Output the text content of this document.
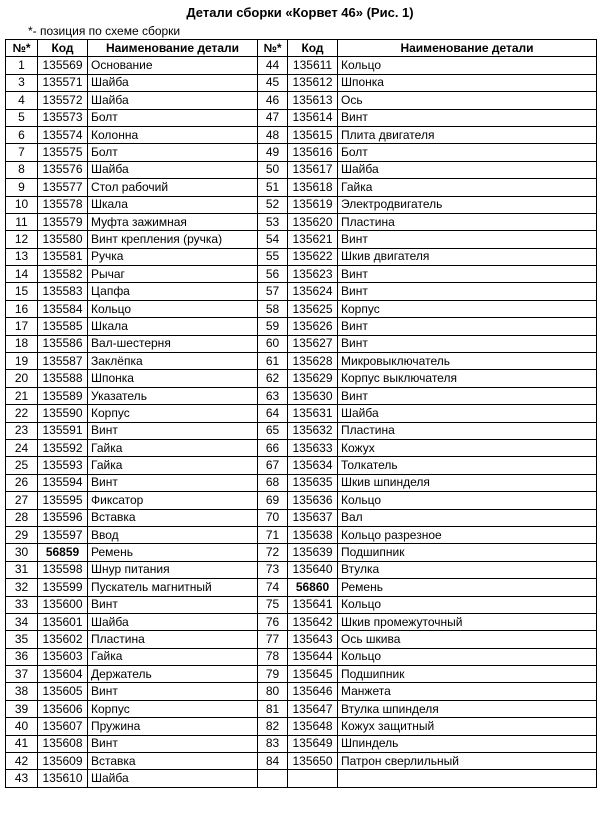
Детали сборки «Корвет 46» (Рис. 1)
*- позиция по схеме сборки
№*	Код	Наименование детали	№*	Код	Наименование детали
1	135569	Основание	44	135611	Кольцо
3	135571	Шайба	45	135612	Шпонка
4	135572	Шайба	46	135613	Ось
5	135573	Болт	47	135614	Винт
6	135574	Колонна	48	135615	Плита двигателя
7	135575	Болт	49	135616	Болт
8	135576	Шайба	50	135617	Шайба
9	135577	Стол рабочий	51	135618	Гайка
10	135578	Шкала	52	135619	Электродвигатель
11	135579	Муфта зажимная	53	135620	Пластина
12	135580	Винт крепления (ручка)	54	135621	Винт
13	135581	Ручка	55	135622	Шкив двигателя
14	135582	Рычаг	56	135623	Винт
15	135583	Цапфа	57	135624	Винт
16	135584	Кольцо	58	135625	Корпус
17	135585	Шкала	59	135626	Винт
18	135586	Вал-шестерня	60	135627	Винт
19	135587	Заклёпка	61	135628	Микровыключатель
20	135588	Шпонка	62	135629	Корпус выключателя
21	135589	Указатель	63	135630	Винт
22	135590	Корпус	64	135631	Шайба
23	135591	Винт	65	135632	Пластина
24	135592	Гайка	66	135633	Кожух
25	135593	Гайка	67	135634	Толкатель
26	135594	Винт	68	135635	Шкив шпинделя
27	135595	Фиксатор	69	135636	Кольцо
28	135596	Вставка	70	135637	Вал
29	135597	Ввод	71	135638	Кольцо разрезное
30	56859	Ремень	72	135639	Подшипник
31	135598	Шнур питания	73	135640	Втулка
32	135599	Пускатель магнитный	74	56860	Ремень
33	135600	Винт	75	135641	Кольцо
34	135601	Шайба	76	135642	Шкив промежуточный
35	135602	Пластина	77	135643	Ось шкива
36	135603	Гайка	78	135644	Кольцо
37	135604	Держатель	79	135645	Подшипник
38	135605	Винт	80	135646	Манжета
39	135606	Корпус	81	135647	Втулка шпинделя
40	135607	Пружина	82	135648	Кожух защитный
41	135608	Винт	83	135649	Шпиндель
42	135609	Вставка	84	135650	Патрон сверлильный
43	135610	Шайба			
